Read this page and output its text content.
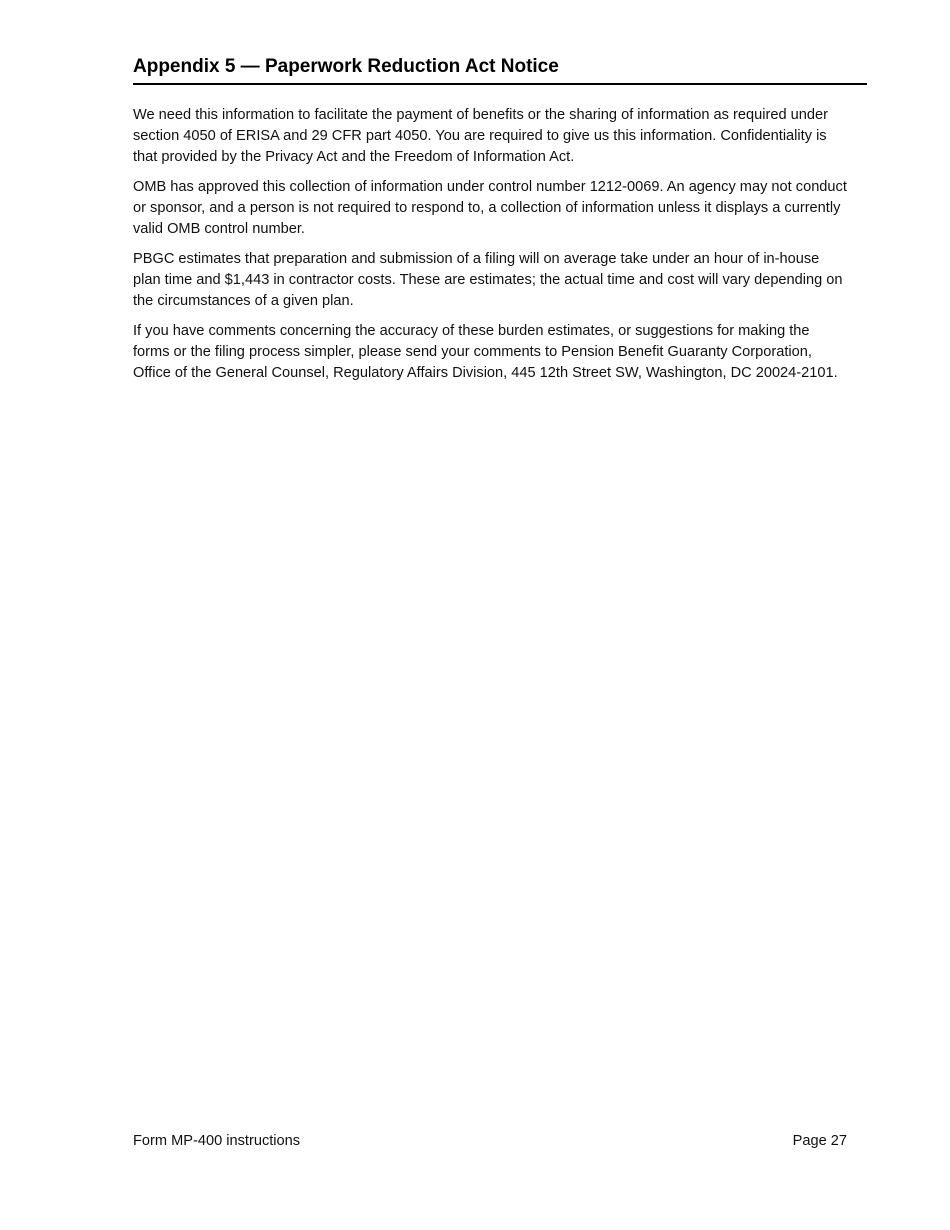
Appendix 5 — Paperwork Reduction Act Notice

We need this information to facilitate the payment of benefits or the sharing of information as required under section 4050 of ERISA and 29 CFR part 4050. You are required to give us this information. Confidentiality is that provided by the Privacy Act and the Freedom of Information Act.

OMB has approved this collection of information under control number 1212-0069. An agency may not conduct or sponsor, and a person is not required to respond to, a collection of information unless it displays a currently valid OMB control number.

PBGC estimates that preparation and submission of a filing will on average take under an hour of in-house plan time and $1,443 in contractor costs. These are estimates; the actual time and cost will vary depending on the circumstances of a given plan.

If you have comments concerning the accuracy of these burden estimates, or suggestions for making the forms or the filing process simpler, please send your comments to Pension Benefit Guaranty Corporation, Office of the General Counsel, Regulatory Affairs Division, 445 12th Street SW, Washington, DC 20024-2101.

Form MP-400 instructions	Page 27
